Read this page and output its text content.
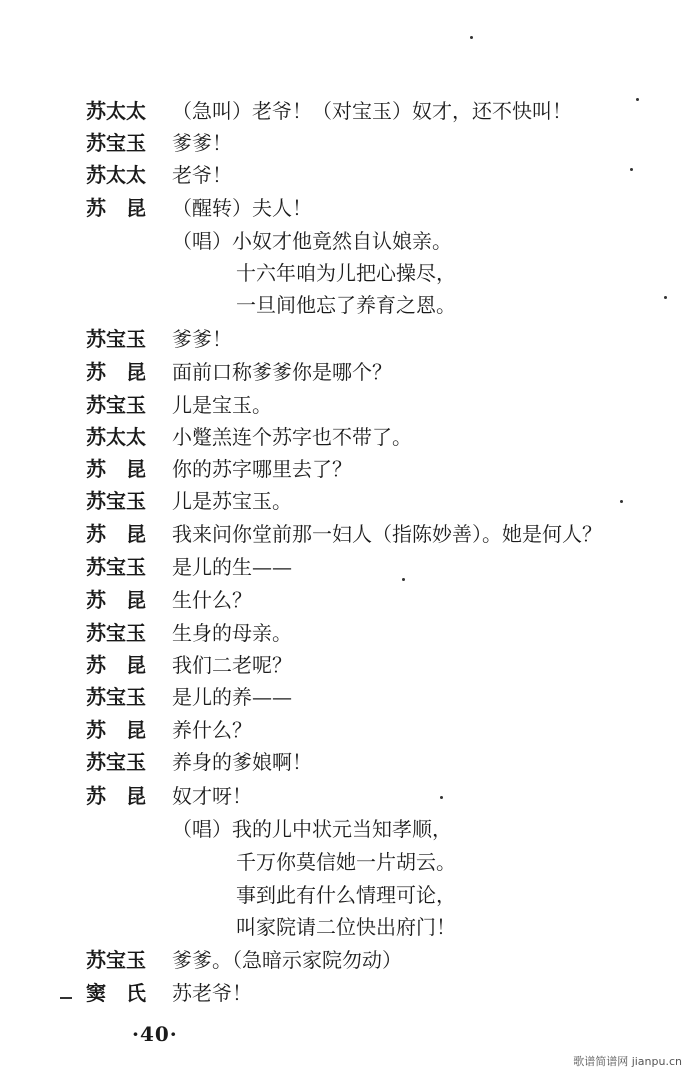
苏太太	（急叫）老爷！（对宝玉）奴才，还不快叫！
苏宝玉	爹爹！
苏太太	老爷！
苏　昆	（醒转）夫人！
（唱）小奴才他竟然自认娘亲。
十六年咱为儿把心操尽，
一旦间他忘了养育之恩。
苏宝玉	爹爹！
苏　昆	面前口称爹爹你是哪个？
苏宝玉	儿是宝玉。
苏太太	小蹩羔连个苏字也不带了。
苏　昆	你的苏字哪里去了？
苏宝玉	儿是苏宝玉。
苏　昆	我来问你堂前那一妇人（指陈妙善）。她是何人？
苏宝玉	是儿的生——
苏　昆	生什么？
苏宝玉	生身的母亲。
苏　昆	我们二老呢？
苏宝玉	是儿的养——
苏　昆	养什么？
苏宝玉	养身的爹娘啊！
苏　昆	奴才呀！
（唱）我的儿中状元当知孝顺，
千万你莫信她一片胡云。
事到此有什么情理可论，
叫家院请二位快出府门！
苏宝玉	爹爹。（急暗示家院勿动）
窦　氏	苏老爷！
·40·
歌谱简谱网 jianpu.cn
